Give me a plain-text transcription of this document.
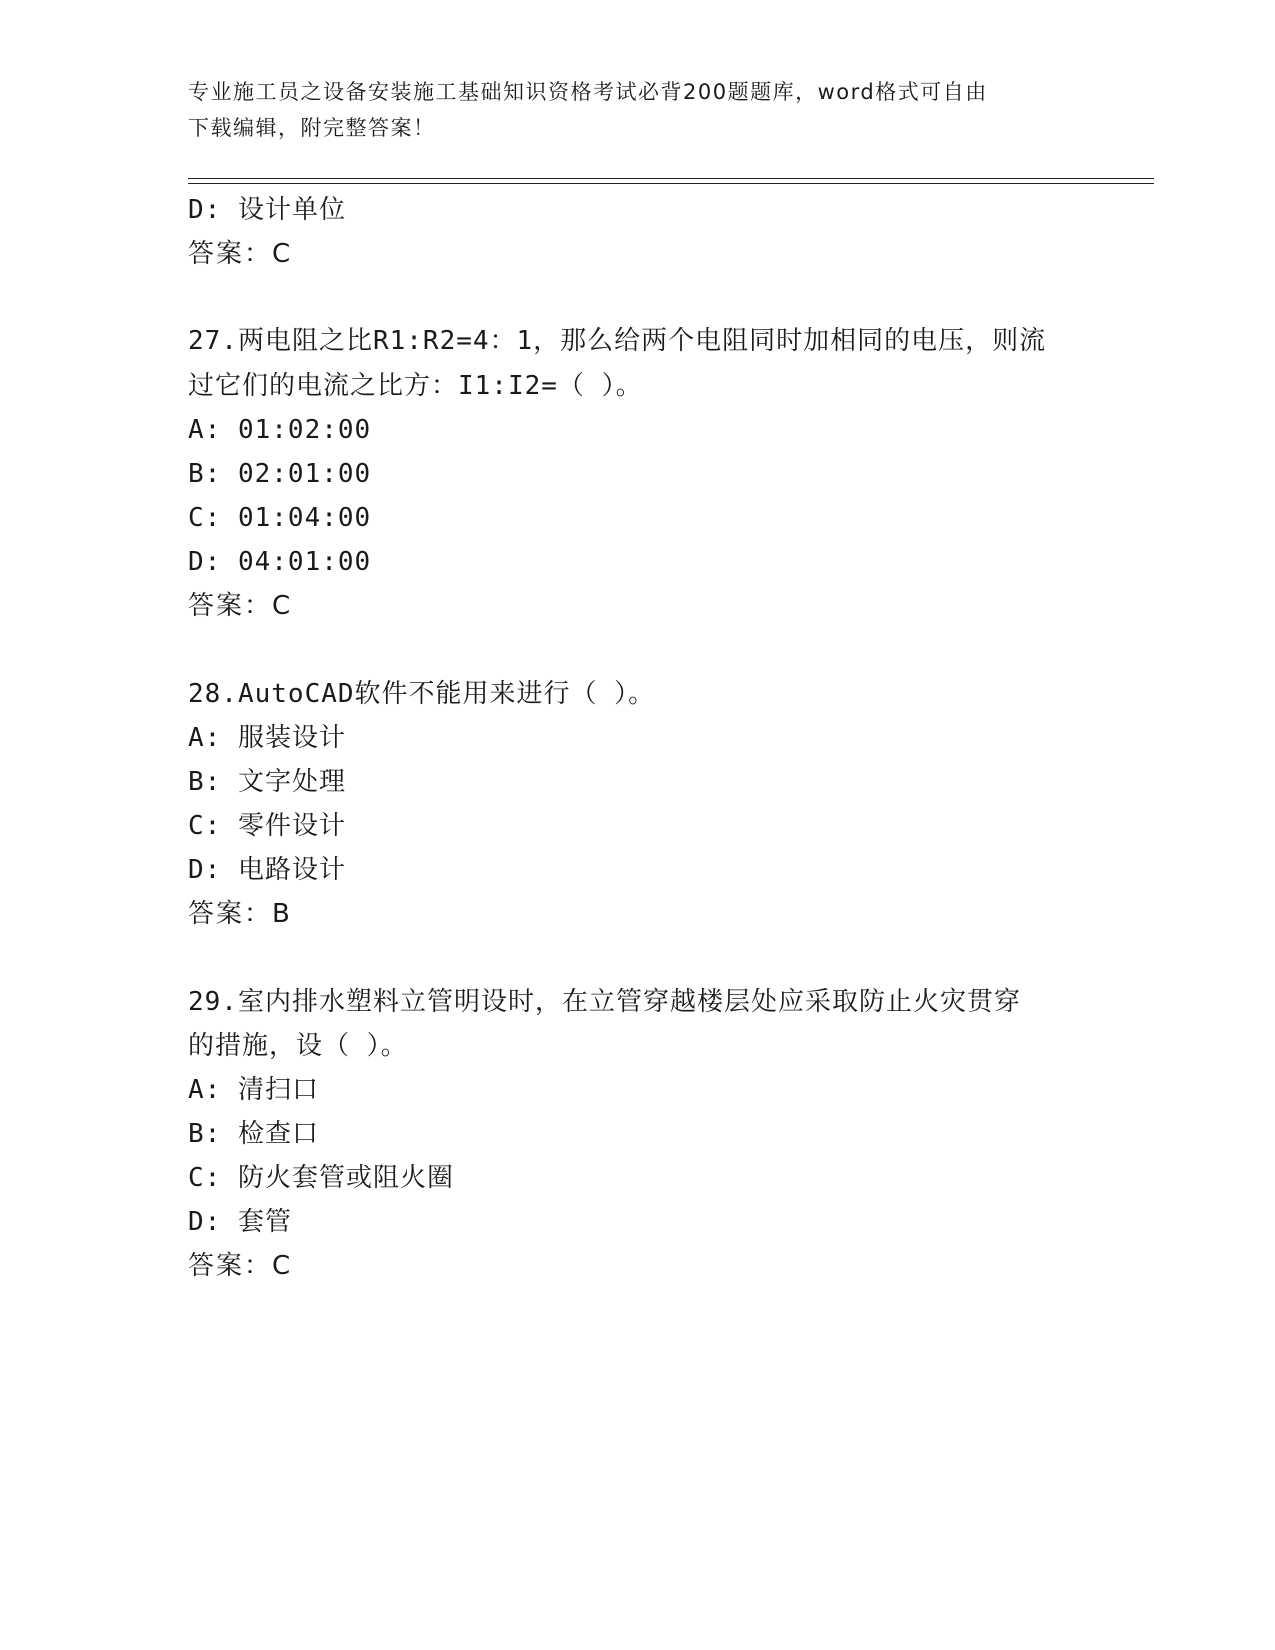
专业施工员之设备安装施工基础知识资格考试必背200题题库，word格式可自由
下载编辑，附完整答案！
D: 设计单位
答案：C
27.两电阻之比R1:R2=4：1，那么给两个电阻同时加相同的电压，则流
过它们的电流之比方：I1:I2=（ ）。
A: 01:02:00
B: 02:01:00
C: 01:04:00
D: 04:01:00
答案：C
28.AutoCAD软件不能用来进行（ ）。
A: 服装设计
B: 文字处理
C: 零件设计
D: 电路设计
答案：B
29.室内排水塑料立管明设时，在立管穿越楼层处应采取防止火灾贯穿
的措施，设（ ）。
A: 清扫口
B: 检查口
C: 防火套管或阻火圈
D: 套管
答案：C
